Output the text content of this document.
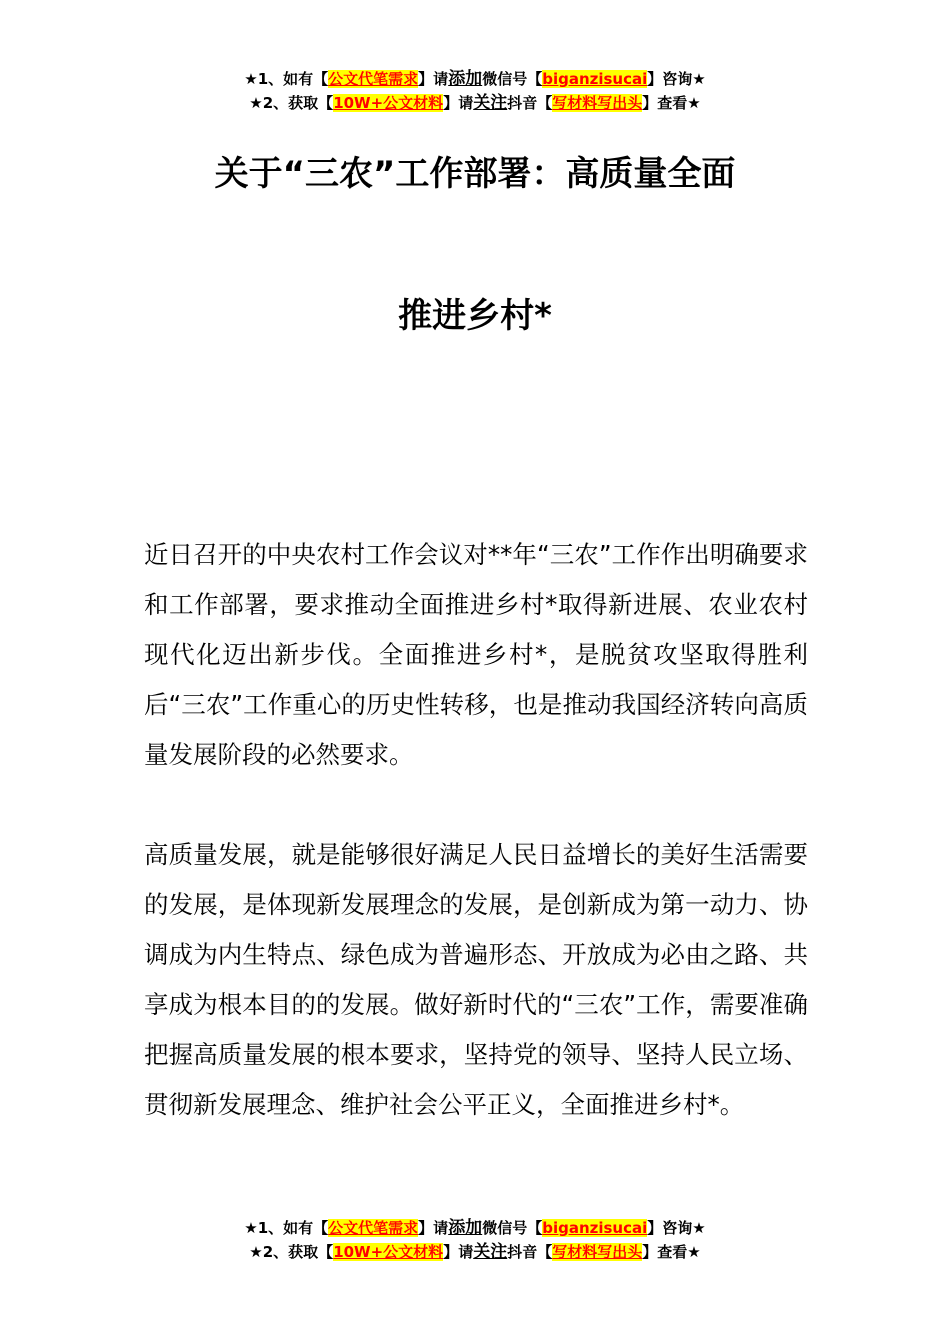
★1、如有【公文代笔需求】请添加微信号【biganzisucai】咨询★
★2、获取【10W+公文材料】请关注抖音【写材料写出头】查看★
关于“三农”工作部署：高质量全面
推进乡村*

近日召开的中央农村工作会议对**年“三农”工作作出明确要求和工作部署，要求推动全面推进乡村*取得新进展、农业农村现代化迈出新步伐。全面推进乡村*，是脱贫攻坚取得胜利后“三农”工作重心的历史性转移，也是推动我国经济转向高质量发展阶段的必然要求。

高质量发展，就是能够很好满足人民日益增长的美好生活需要的发展，是体现新发展理念的发展，是创新成为第一动力、协调成为内生特点、绿色成为普遍形态、开放成为必由之路、共享成为根本目的的发展。做好新时代的“三农”工作，需要准确把握高质量发展的根本要求，坚持党的领导、坚持人民立场、贯彻新发展理念、维护社会公平正义，全面推进乡村*。

★1、如有【公文代笔需求】请添加微信号【biganzisucai】咨询★
★2、获取【10W+公文材料】请关注抖音【写材料写出头】查看★
